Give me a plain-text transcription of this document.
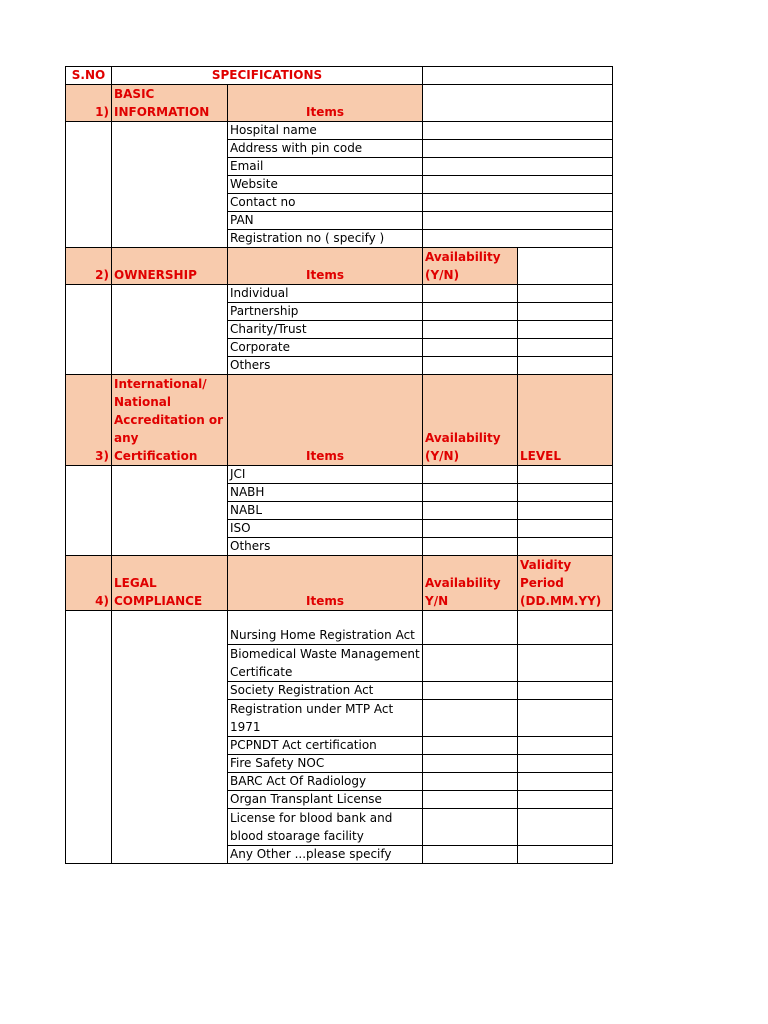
S.NO	SPECIFICATIONS			
1)	BASIC INFORMATION	Items		
		Hospital name		
		Address with pin code		
		Email		
		Website		
		Contact no		
		PAN		
		Registration no ( specify )		
2)	OWNERSHIP	Items	Availability (Y/N)	
		Individual		
		Partnership		
		Charity/Trust		
		Corporate		
		Others		
3)	International/ National Accreditation or any Certification	Items	Availability (Y/N)	LEVEL
		JCI		
		NABH		
		NABL		
		ISO		
		Others		
4)	LEGAL COMPLIANCE	Items	Availability Y/N	Validity Period (DD.MM.YY)
		Nursing Home Registration Act		
		Biomedical Waste Management Certificate		
		Society Registration Act		
		Registration under MTP Act 1971		
		PCPNDT Act certification		
		Fire Safety NOC		
		BARC Act Of Radiology		
		Organ Transplant License		
		License for blood bank and blood stoarage facility		
		Any Other ...please specify		
